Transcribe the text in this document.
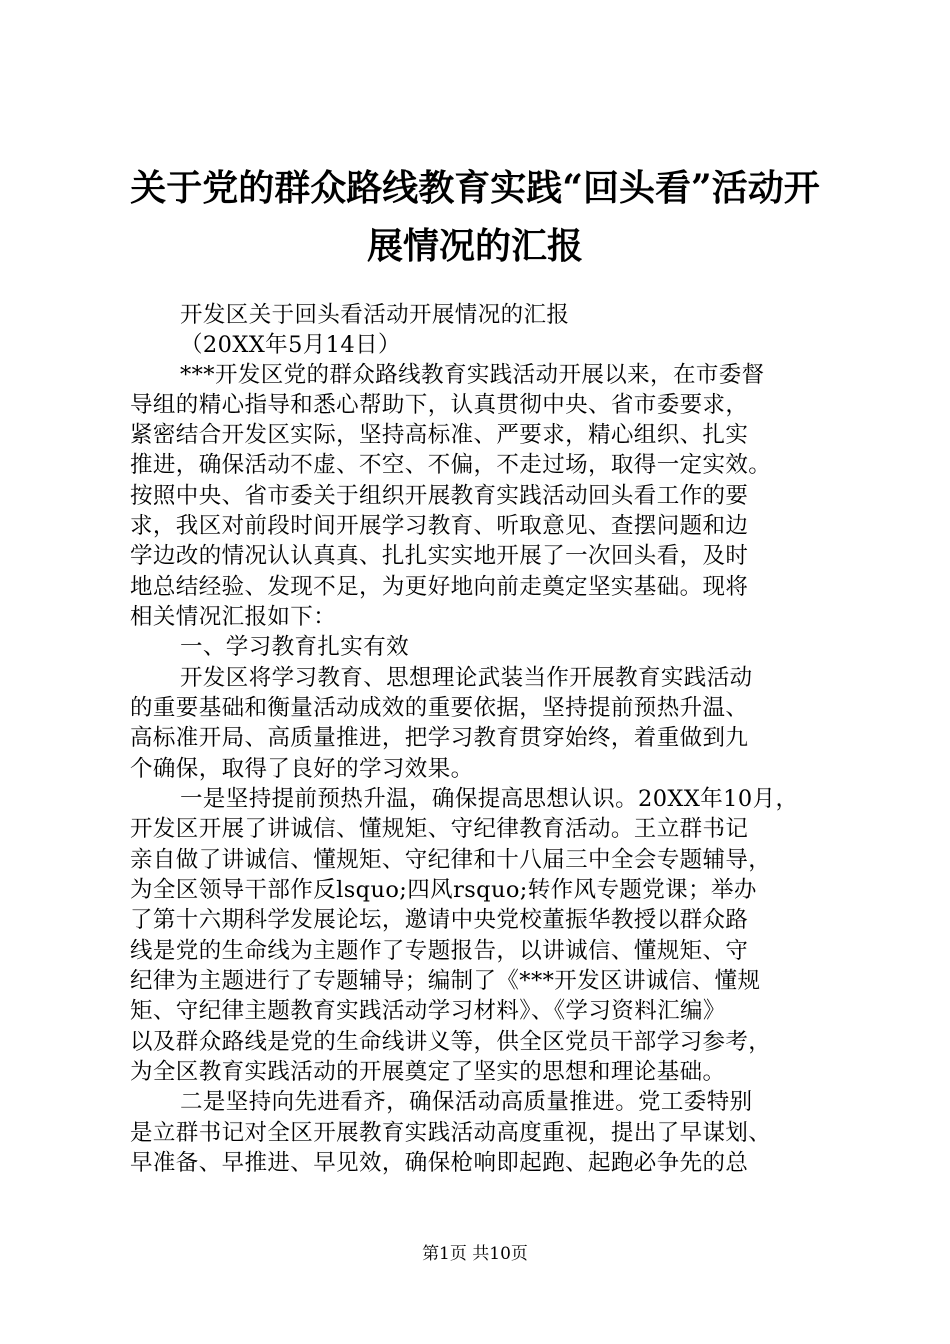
关于党的群众路线教育实践“回头看”活动开
展情况的汇报
开发区关于回头看活动开展情况的汇报
（20XX年5月14日）
***开发区党的群众路线教育实践活动开展以来，在市委督
导组的精心指导和悉心帮助下，认真贯彻中央、省市委要求，
紧密结合开发区实际，坚持高标准、严要求，精心组织、扎实
推进，确保活动不虚、不空、不偏，不走过场，取得一定实效。
按照中央、省市委关于组织开展教育实践活动回头看工作的要
求，我区对前段时间开展学习教育、听取意见、查摆问题和边
学边改的情况认认真真、扎扎实实地开展了一次回头看，及时
地总结经验、发现不足，为更好地向前走奠定坚实基础。现将
相关情况汇报如下：
一、学习教育扎实有效
开发区将学习教育、思想理论武装当作开展教育实践活动
的重要基础和衡量活动成效的重要依据，坚持提前预热升温、
高标准开局、高质量推进，把学习教育贯穿始终，着重做到九
个确保，取得了良好的学习效果。
一是坚持提前预热升温，确保提高思想认识。20XX年10月，
开发区开展了讲诚信、懂规矩、守纪律教育活动。王立群书记
亲自做了讲诚信、懂规矩、守纪律和十八届三中全会专题辅导，
为全区领导干部作反lsquo;四风rsquo;转作风专题党课；举办
了第十六期科学发展论坛，邀请中央党校董振华教授以群众路
线是党的生命线为主题作了专题报告，以讲诚信、懂规矩、守
纪律为主题进行了专题辅导；编制了《***开发区讲诚信、懂规
矩、守纪律主题教育实践活动学习材料》、《学习资料汇编》
以及群众路线是党的生命线讲义等，供全区党员干部学习参考，
为全区教育实践活动的开展奠定了坚实的思想和理论基础。
二是坚持向先进看齐，确保活动高质量推进。党工委特别
是立群书记对全区开展教育实践活动高度重视，提出了早谋划、
早准备、早推进、早见效，确保枪响即起跑、起跑必争先的总
第1页 共10页
